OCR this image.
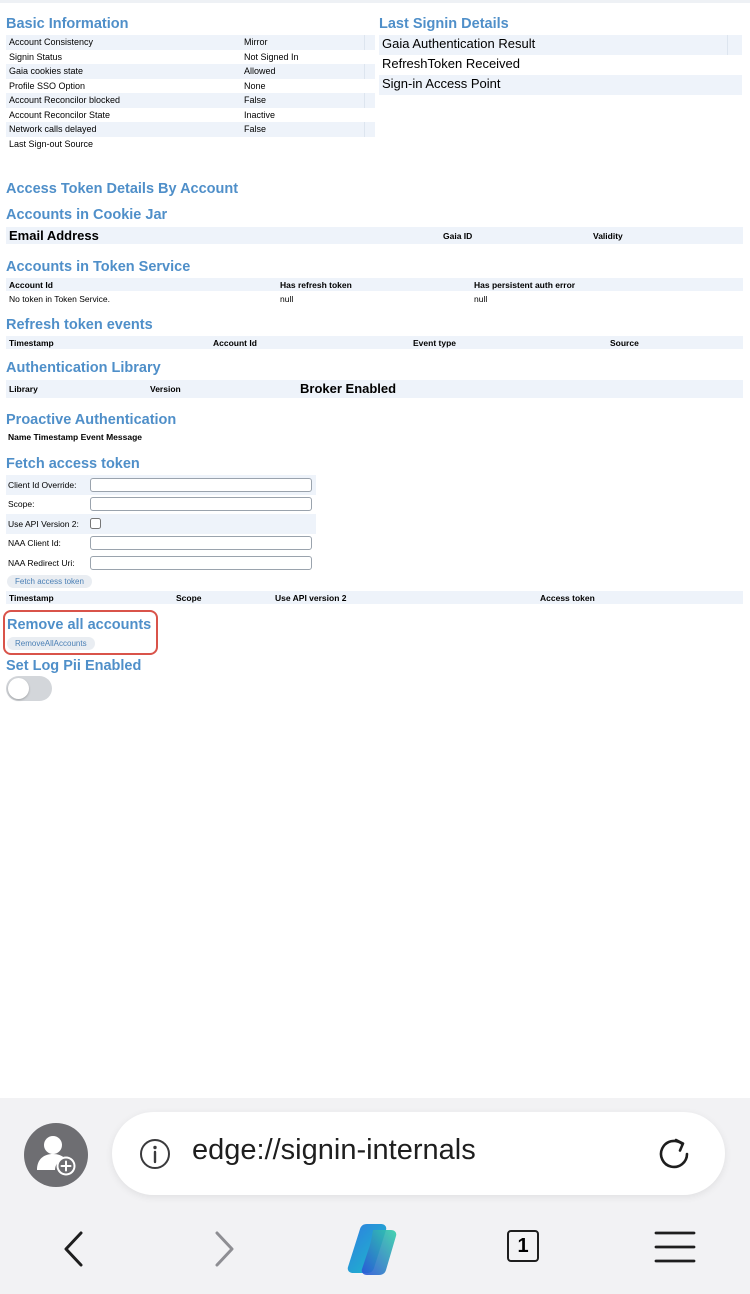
Basic Information
Account Consistency	Mirror
Signin Status	Not Signed In
Gaia cookies state	Allowed
Profile SSO Option	None
Account Reconcilor blocked	False
Account Reconcilor State	Inactive
Network calls delayed	False
Last Sign-out Source
Last Signin Details
Gaia Authentication Result
RefreshToken Received
Sign-in Access Point
Access Token Details By Account
Accounts in Cookie Jar
Email Address	Gaia ID	Validity
Accounts in Token Service
Account Id	Has refresh token	Has persistent auth error
No token in Token Service.	null	null
Refresh token events
Timestamp	Account Id	Event type	Source
Authentication Library
Library	Version	Broker Enabled
Proactive Authentication
Name Timestamp Event Message
Fetch access token
Client Id Override:
Scope:
Use API Version 2:
NAA Client Id:
NAA Redirect Uri:
Fetch access token
Timestamp	Scope	Use API version 2	Access token
Remove all accounts
RemoveAllAccounts
Set Log Pii Enabled
edge://signin-internals
1
